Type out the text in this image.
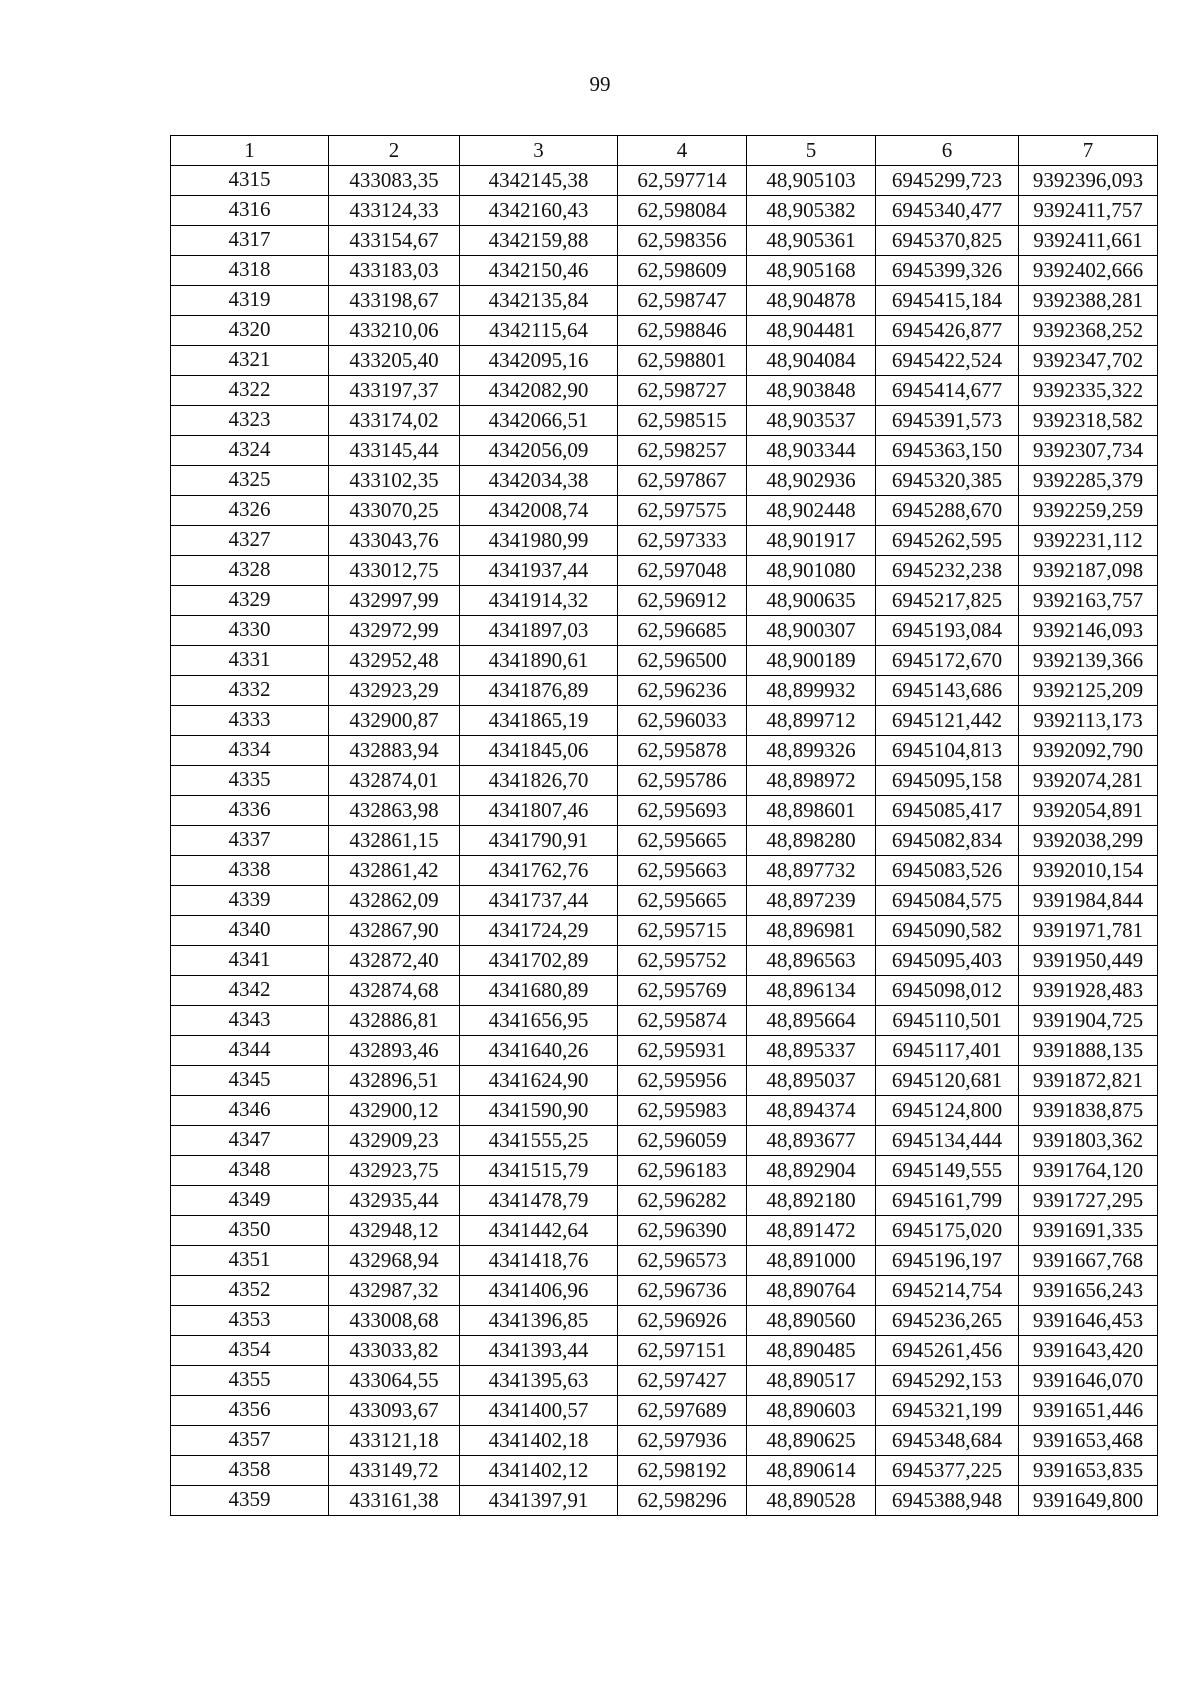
99
1	2	3	4	5	6	7
4315	433083,35	4342145,38	62,597714	48,905103	6945299,723	9392396,093
4316	433124,33	4342160,43	62,598084	48,905382	6945340,477	9392411,757
4317	433154,67	4342159,88	62,598356	48,905361	6945370,825	9392411,661
4318	433183,03	4342150,46	62,598609	48,905168	6945399,326	9392402,666
4319	433198,67	4342135,84	62,598747	48,904878	6945415,184	9392388,281
4320	433210,06	4342115,64	62,598846	48,904481	6945426,877	9392368,252
4321	433205,40	4342095,16	62,598801	48,904084	6945422,524	9392347,702
4322	433197,37	4342082,90	62,598727	48,903848	6945414,677	9392335,322
4323	433174,02	4342066,51	62,598515	48,903537	6945391,573	9392318,582
4324	433145,44	4342056,09	62,598257	48,903344	6945363,150	9392307,734
4325	433102,35	4342034,38	62,597867	48,902936	6945320,385	9392285,379
4326	433070,25	4342008,74	62,597575	48,902448	6945288,670	9392259,259
4327	433043,76	4341980,99	62,597333	48,901917	6945262,595	9392231,112
4328	433012,75	4341937,44	62,597048	48,901080	6945232,238	9392187,098
4329	432997,99	4341914,32	62,596912	48,900635	6945217,825	9392163,757
4330	432972,99	4341897,03	62,596685	48,900307	6945193,084	9392146,093
4331	432952,48	4341890,61	62,596500	48,900189	6945172,670	9392139,366
4332	432923,29	4341876,89	62,596236	48,899932	6945143,686	9392125,209
4333	432900,87	4341865,19	62,596033	48,899712	6945121,442	9392113,173
4334	432883,94	4341845,06	62,595878	48,899326	6945104,813	9392092,790
4335	432874,01	4341826,70	62,595786	48,898972	6945095,158	9392074,281
4336	432863,98	4341807,46	62,595693	48,898601	6945085,417	9392054,891
4337	432861,15	4341790,91	62,595665	48,898280	6945082,834	9392038,299
4338	432861,42	4341762,76	62,595663	48,897732	6945083,526	9392010,154
4339	432862,09	4341737,44	62,595665	48,897239	6945084,575	9391984,844
4340	432867,90	4341724,29	62,595715	48,896981	6945090,582	9391971,781
4341	432872,40	4341702,89	62,595752	48,896563	6945095,403	9391950,449
4342	432874,68	4341680,89	62,595769	48,896134	6945098,012	9391928,483
4343	432886,81	4341656,95	62,595874	48,895664	6945110,501	9391904,725
4344	432893,46	4341640,26	62,595931	48,895337	6945117,401	9391888,135
4345	432896,51	4341624,90	62,595956	48,895037	6945120,681	9391872,821
4346	432900,12	4341590,90	62,595983	48,894374	6945124,800	9391838,875
4347	432909,23	4341555,25	62,596059	48,893677	6945134,444	9391803,362
4348	432923,75	4341515,79	62,596183	48,892904	6945149,555	9391764,120
4349	432935,44	4341478,79	62,596282	48,892180	6945161,799	9391727,295
4350	432948,12	4341442,64	62,596390	48,891472	6945175,020	9391691,335
4351	432968,94	4341418,76	62,596573	48,891000	6945196,197	9391667,768
4352	432987,32	4341406,96	62,596736	48,890764	6945214,754	9391656,243
4353	433008,68	4341396,85	62,596926	48,890560	6945236,265	9391646,453
4354	433033,82	4341393,44	62,597151	48,890485	6945261,456	9391643,420
4355	433064,55	4341395,63	62,597427	48,890517	6945292,153	9391646,070
4356	433093,67	4341400,57	62,597689	48,890603	6945321,199	9391651,446
4357	433121,18	4341402,18	62,597936	48,890625	6945348,684	9391653,468
4358	433149,72	4341402,12	62,598192	48,890614	6945377,225	9391653,835
4359	433161,38	4341397,91	62,598296	48,890528	6945388,948	9391649,800
